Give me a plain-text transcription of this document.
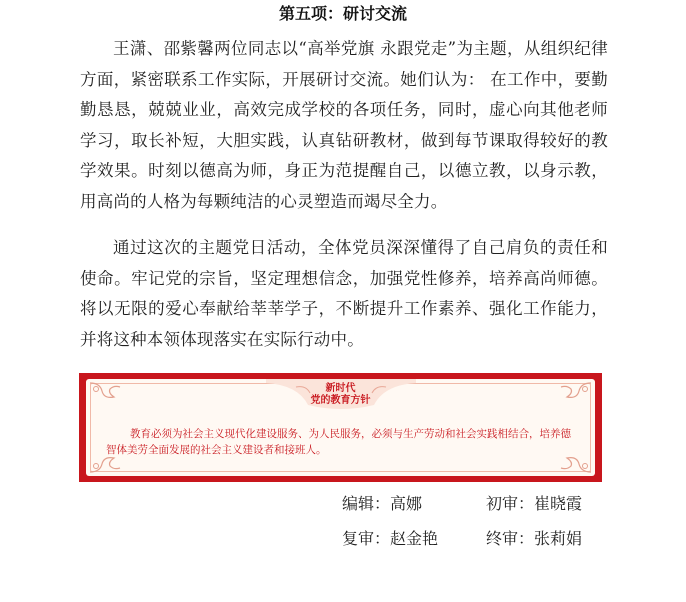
第五项：研讨交流

王潇、邵紫馨两位同志以“高举党旗 永跟党走”为主题，从组织纪律方面，紧密联系工作实际，开展研讨交流。她们认为： 在工作中，要勤勤恳恳，兢兢业业，高效完成学校的各项任务，同时，虚心向其他老师学习，取长补短，大胆实践，认真钻研教材，做到每节课取得较好的教学效果。时刻以德高为师，身正为范提醒自己，以德立教，以身示教，用高尚的人格为每颗纯洁的心灵塑造而竭尽全力。

通过这次的主题党日活动，全体党员深深懂得了自己肩负的责任和使命。牢记党的宗旨，坚定理想信念，加强党性修养，培养高尚师德。将以无限的爱心奉献给莘莘学子，不断提升工作素养、强化工作能力，并将这种本领体现落实在实际行动中。

新时代
党的教育方针

教育必须为社会主义现代化建设服务、为人民服务，必须与生产劳动和社会实践相结合，培养德智体美劳全面发展的社会主义建设者和接班人。

编辑：高娜	初审：崔晓霞
复审：赵金艳	终审：张莉娟
